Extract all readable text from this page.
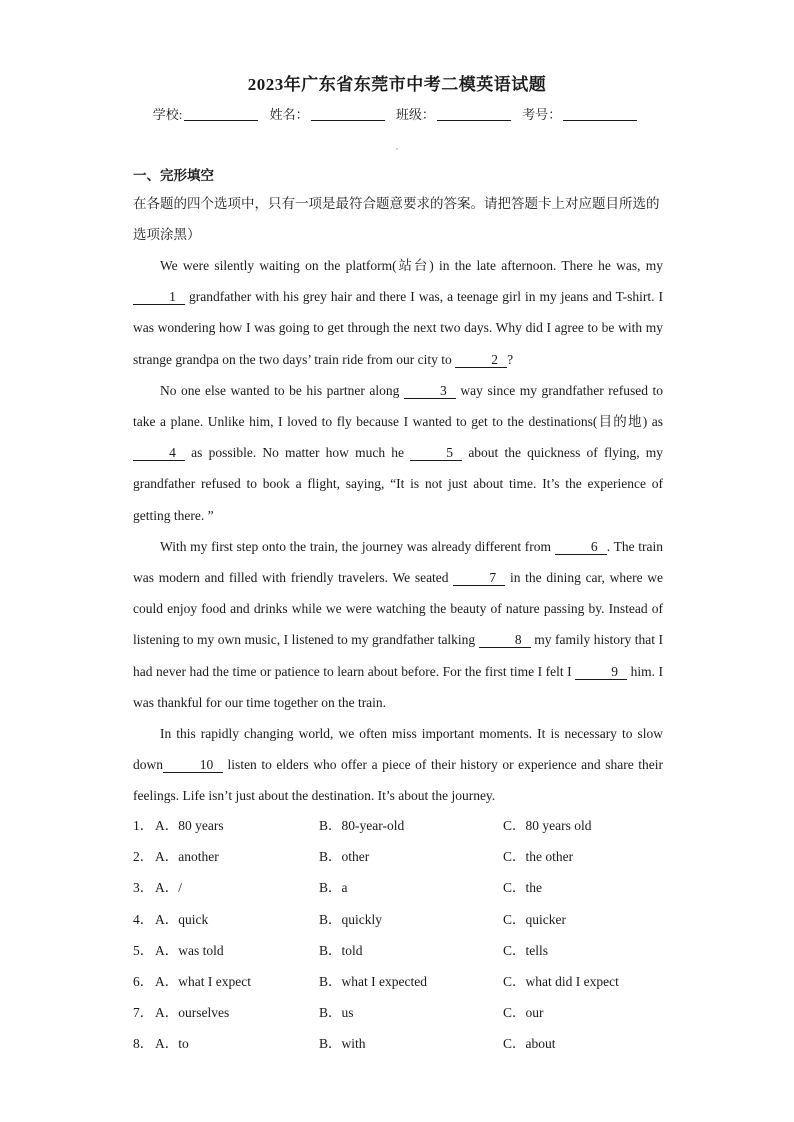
2023年广东省东莞市中考二模英语试题
学校:	姓名：	班级：	考号：
一、完形填空
在各题的四个选项中，只有一项是最符合题意要求的答案。请把答题卡上对应题目所选的选项涂黑）

We were silently waiting on the platform(站台) in the late afternoon. There he was, my 1 grandfather with his grey hair and there I was, a teenage girl in my jeans and T-shirt. I was wondering how I was going to get through the next two days. Why did I agree to be with my strange grandpa on the two days’ train ride from our city to	2 ?

No one else wanted to be his partner along	3 way since my grandfather refused to take a plane. Unlike him, I loved to fly because I wanted to get to the destinations(目的地) as4 as possible. No matter how much he	5 about the quickness of flying, my grandfather refused to book a flight, saying, “It is not just about time. It’s the experience of getting there. ”

With my first step onto the train, the journey was already different from	6 . The train was modern and filled with friendly travelers. We seated	7 in the dining car, where we could enjoy food and drinks while we were watching the beauty of nature passing by. Instead of listening to my own music, I listened to my grandfather talking	8 my family history that I had never had the time or patience to learn about before. For the first time I felt I	9 him. I was thankful for our time together on the train.

In this rapidly changing world, we often miss important moments. It is necessary to slow down	10 listen to elders who offer a piece of their history or experience and share their feelings. Life isn’t just about the destination. It’s about the journey.

1． A．80 years	B．80-year-old	C．80 years old
2． A．another	B．other	C．the other
3． A．/	B．a	C．the
4． A．quick	B．quickly	C．quicker
5． A．was told	B．told	C．tells
6． A．what I expect	B．what I expected	C．what did I expect
7． A．ourselves	B．us	C．our
8． A．to	B．with	C．about
